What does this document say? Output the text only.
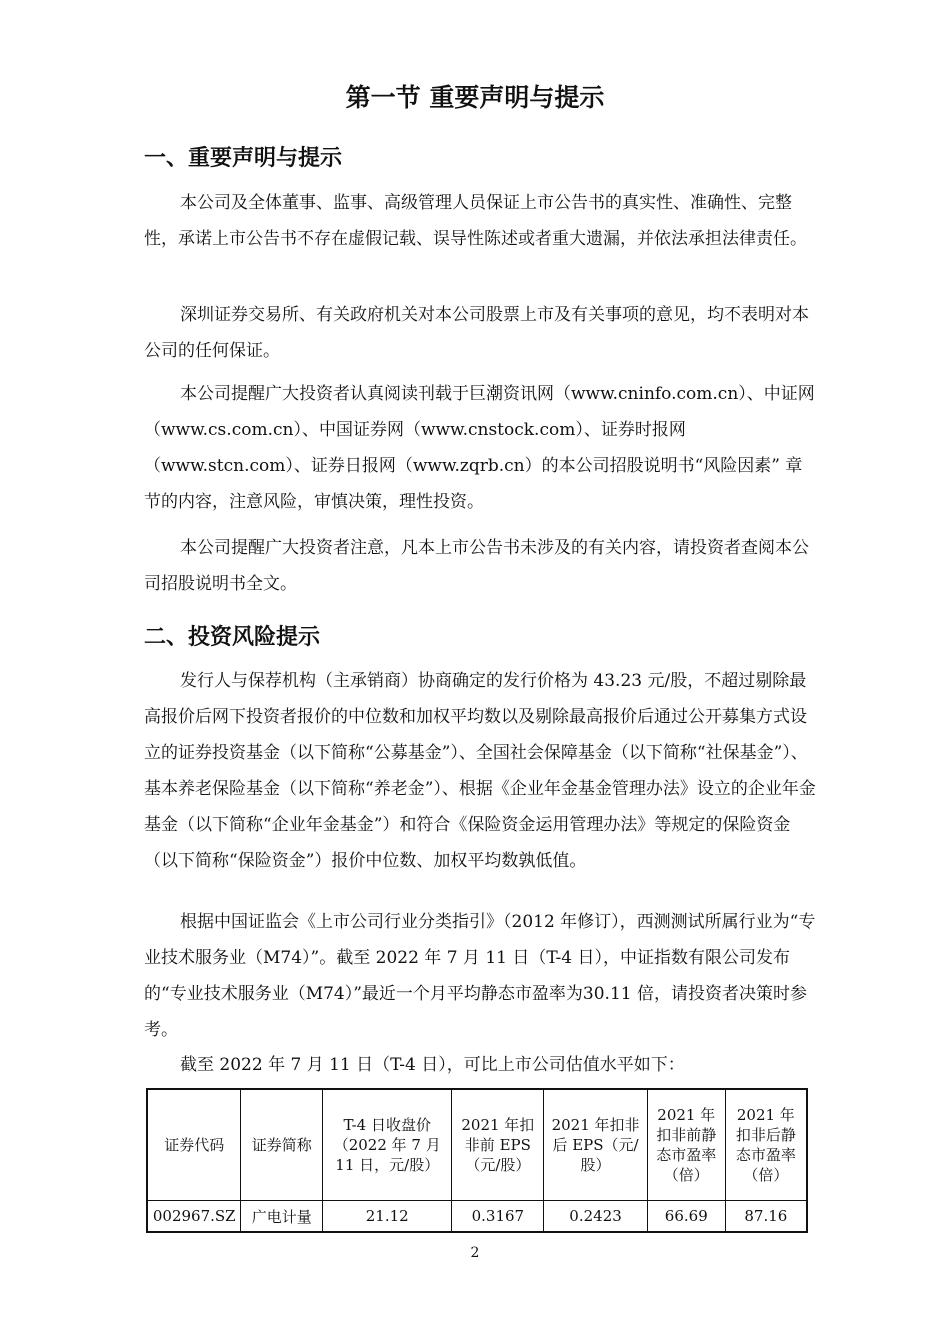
第一节 重要声明与提示
一、重要声明与提示

本公司及全体董事、监事、高级管理人员保证上市公告书的真实性、准确性、完整性，承诺上市公告书不存在虚假记载、误导性陈述或者重大遗漏，并依法承担法律责任。

深圳证券交易所、有关政府机关对本公司股票上市及有关事项的意见，均不表明对本公司的任何保证。

本公司提醒广大投资者认真阅读刊载于巨潮资讯网（www.cninfo.com.cn）、中证网（www.cs.com.cn）、中国证券网（www.cnstock.com）、证券时报网（www.stcn.com）、证券日报网（www.zqrb.cn）的本公司招股说明书“风险因素” 章节的内容，注意风险，审慎决策，理性投资。

本公司提醒广大投资者注意，凡本上市公告书未涉及的有关内容，请投资者查阅本公司招股说明书全文。

二、投资风险提示

发行人与保荐机构（主承销商）协商确定的发行价格为 43.23 元/股，不超过剔除最高报价后网下投资者报价的中位数和加权平均数以及剔除最高报价后通过公开募集方式设立的证券投资基金（以下简称“公募基金”）、全国社会保障基金（以下简称“社保基金”）、基本养老保险基金（以下简称“养老金”）、根据《企业年金基金管理办法》设立的企业年金基金（以下简称“企业年金基金”）和符合《保险资金运用管理办法》等规定的保险资金（以下简称“保险资金”）报价中位数、加权平均数孰低值。

根据中国证监会《上市公司行业分类指引》（2012 年修订），西测测试所属行业为“专业技术服务业（M74）”。截至 2022 年 7 月 11 日（T-4 日），中证指数有限公司发布的“专业技术服务业（M74）”最近一个月平均静态市盈率为30.11 倍，请投资者决策时参考。

截至 2022 年 7 月 11 日（T-4 日），可比上市公司估值水平如下：

证券代码	证券简称	T-4 日收盘价（2022 年 7 月 11 日，元/股）	2021 年扣非前 EPS（元/股）	2021 年扣非后 EPS（元/股）	2021 年扣非前静态市盈率（倍）	2021 年扣非后静态市盈率（倍）
002967.SZ	广电计量	21.12	0.3167	0.2423	66.69	87.16
2
